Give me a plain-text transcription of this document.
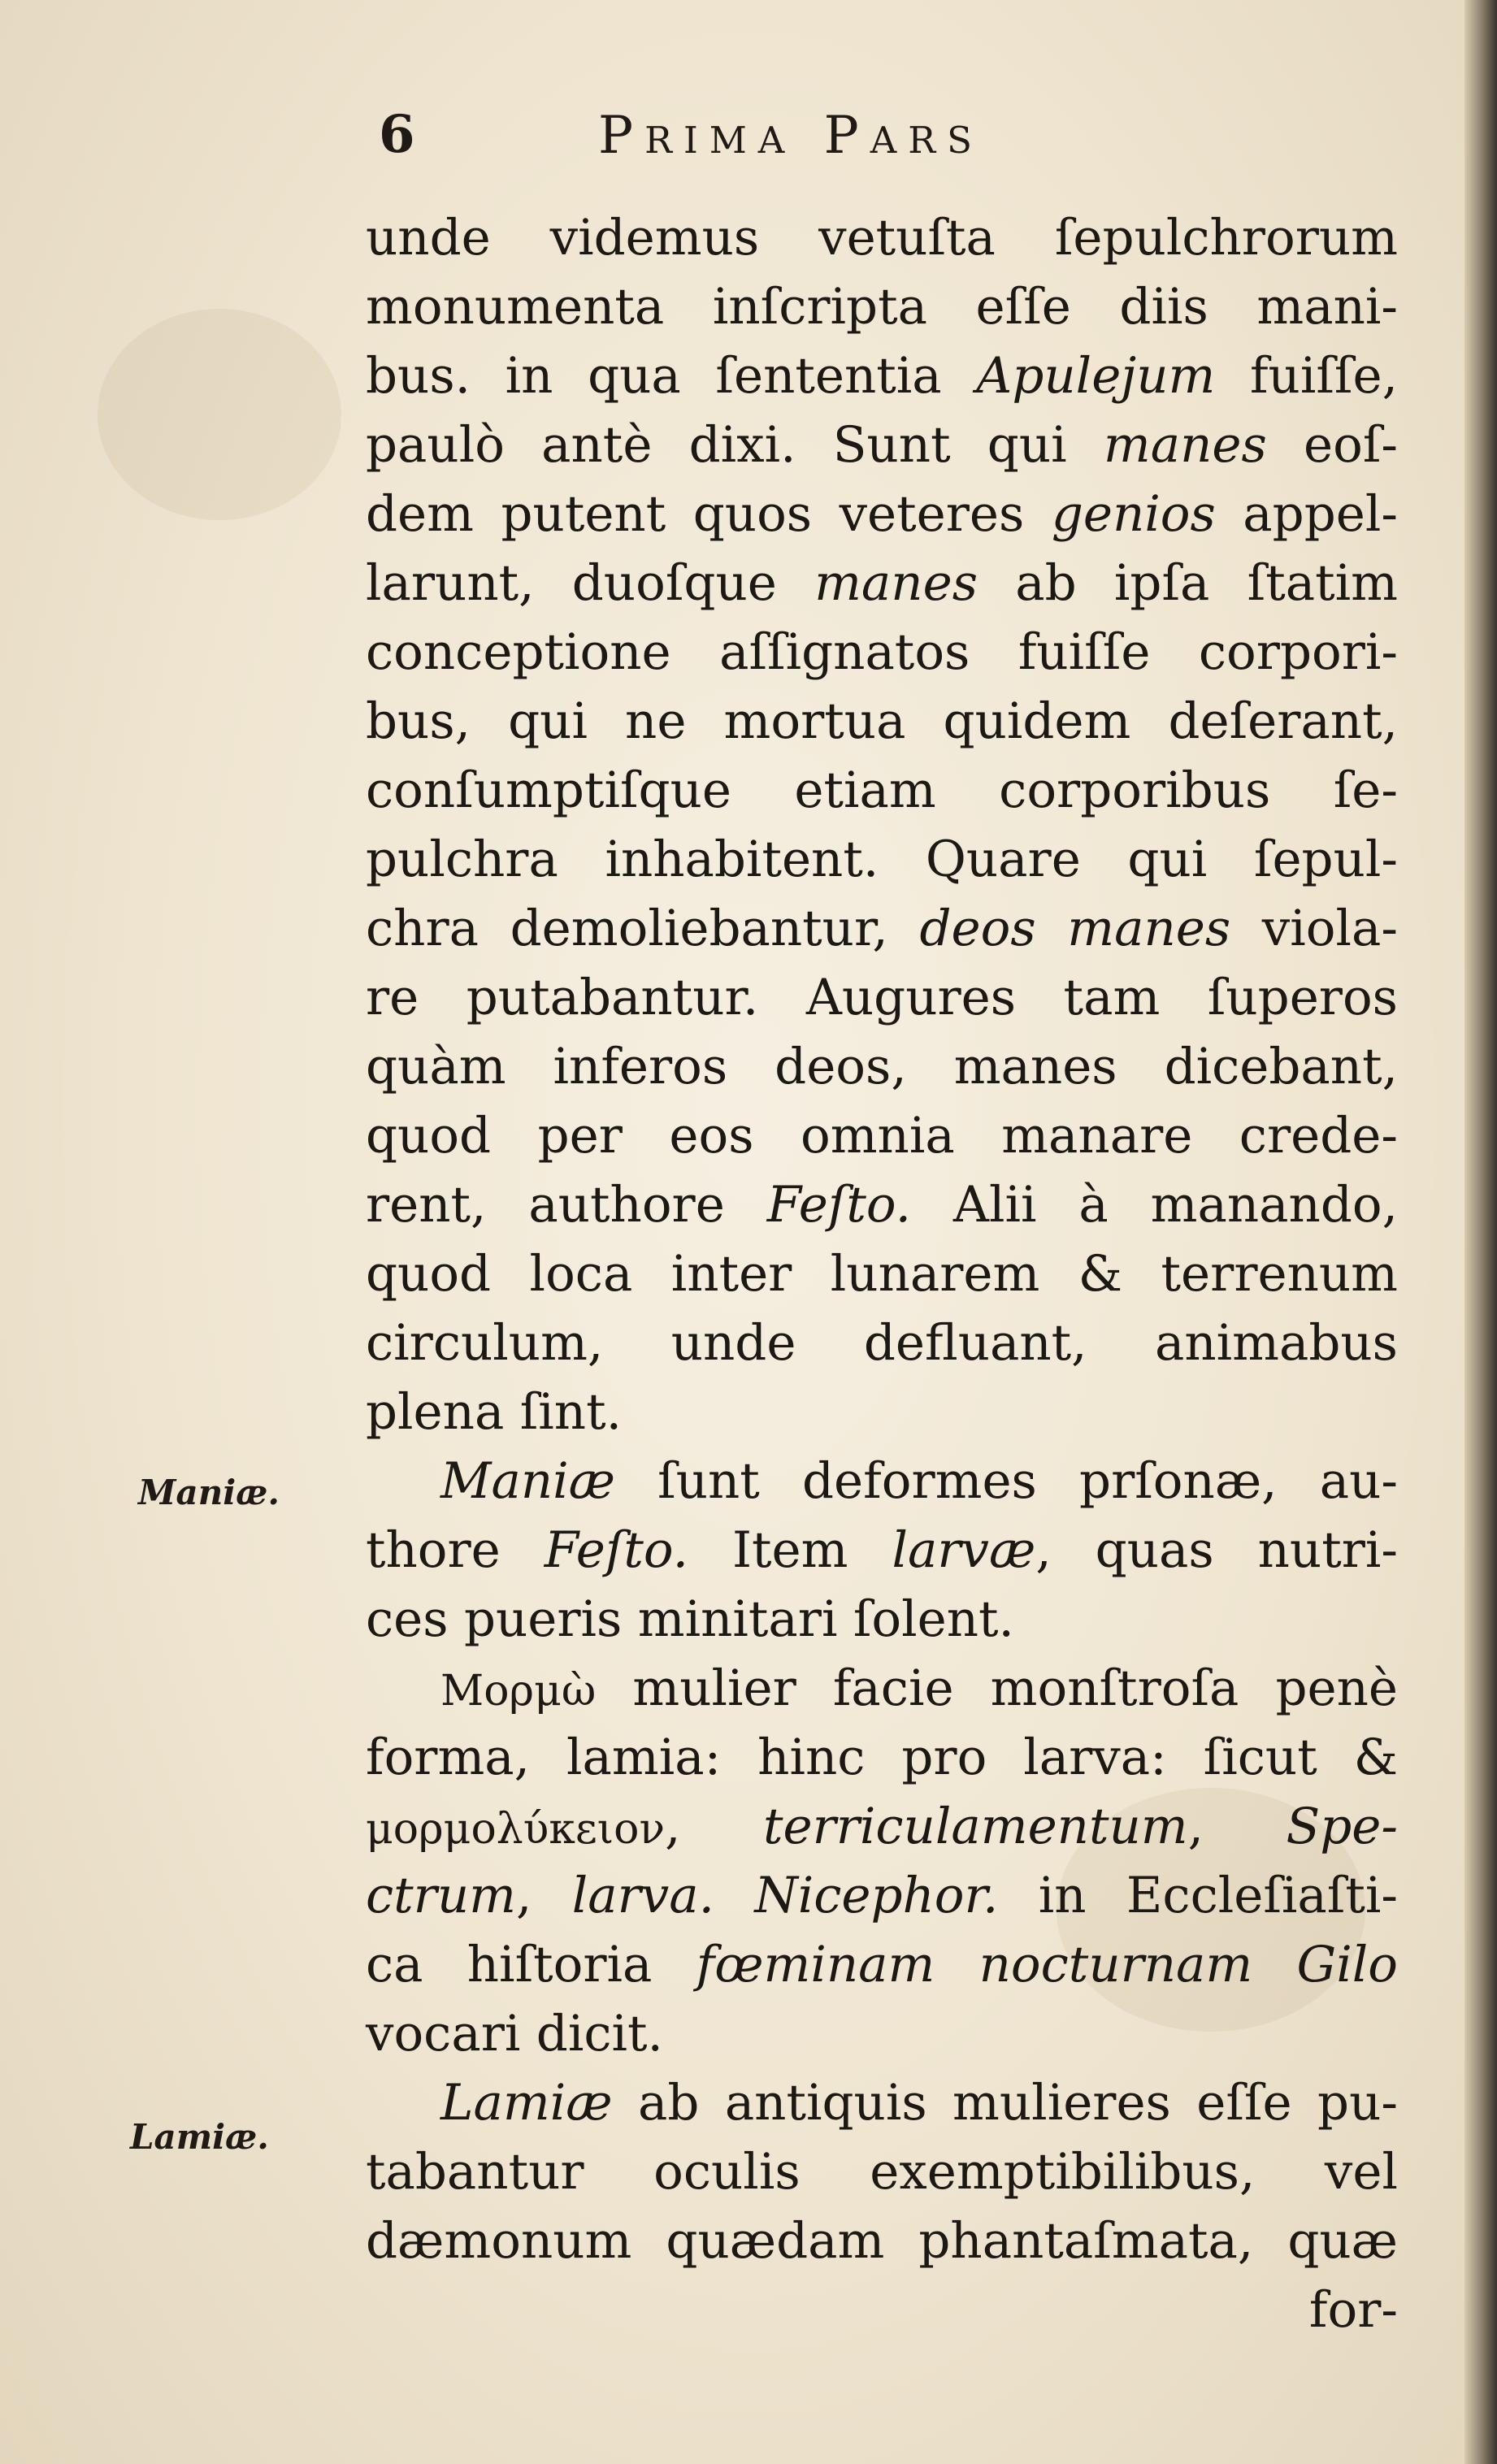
6	Prima Pars
Maniæ.
Lamiæ.
unde videmus vetuſta ſepulchrorum
monumenta inſcripta eſſe diis mani-
bus. in qua ſententia Apulejum fuiſſe,
paulò antè dixi. Sunt qui manes eoſ-
dem putent quos veteres genios appel-
larunt, duoſque manes ab ipſa ſtatim
conceptione aſſignatos fuiſſe corpori-
bus, qui ne mortua quidem deſerant,
conſumptiſque etiam corporibus ſe-
pulchra inhabitent. Quare qui ſepul-
chra demoliebantur, deos manes viola-
re putabantur. Augures tam ſuperos
quàm inferos deos, manes dicebant,
quod per eos omnia manare crede-
rent, authore Feſto. Alii à manando,
quod loca inter lunarem & terrenum
circulum, unde defluant, animabus
plena ſint.
Maniæ ſunt deformes prſonæ, au-
thore Feſto. Item larvæ, quas nutri-
ces pueris minitari ſolent.
Μορμὼ mulier facie monſtroſa penè
forma, lamia: hinc pro larva: ſicut &
μορμολύκειον, terriculamentum, Spe-
ctrum, larva. Nicephor. in Eccleſiaſti-
ca hiſtoria fœminam nocturnam Gilo
vocari dicit.
Lamiæ ab antiquis mulieres eſſe pu-
tabantur oculis exemptibilibus, vel
dæmonum quædam phantaſmata, quæ
for-
